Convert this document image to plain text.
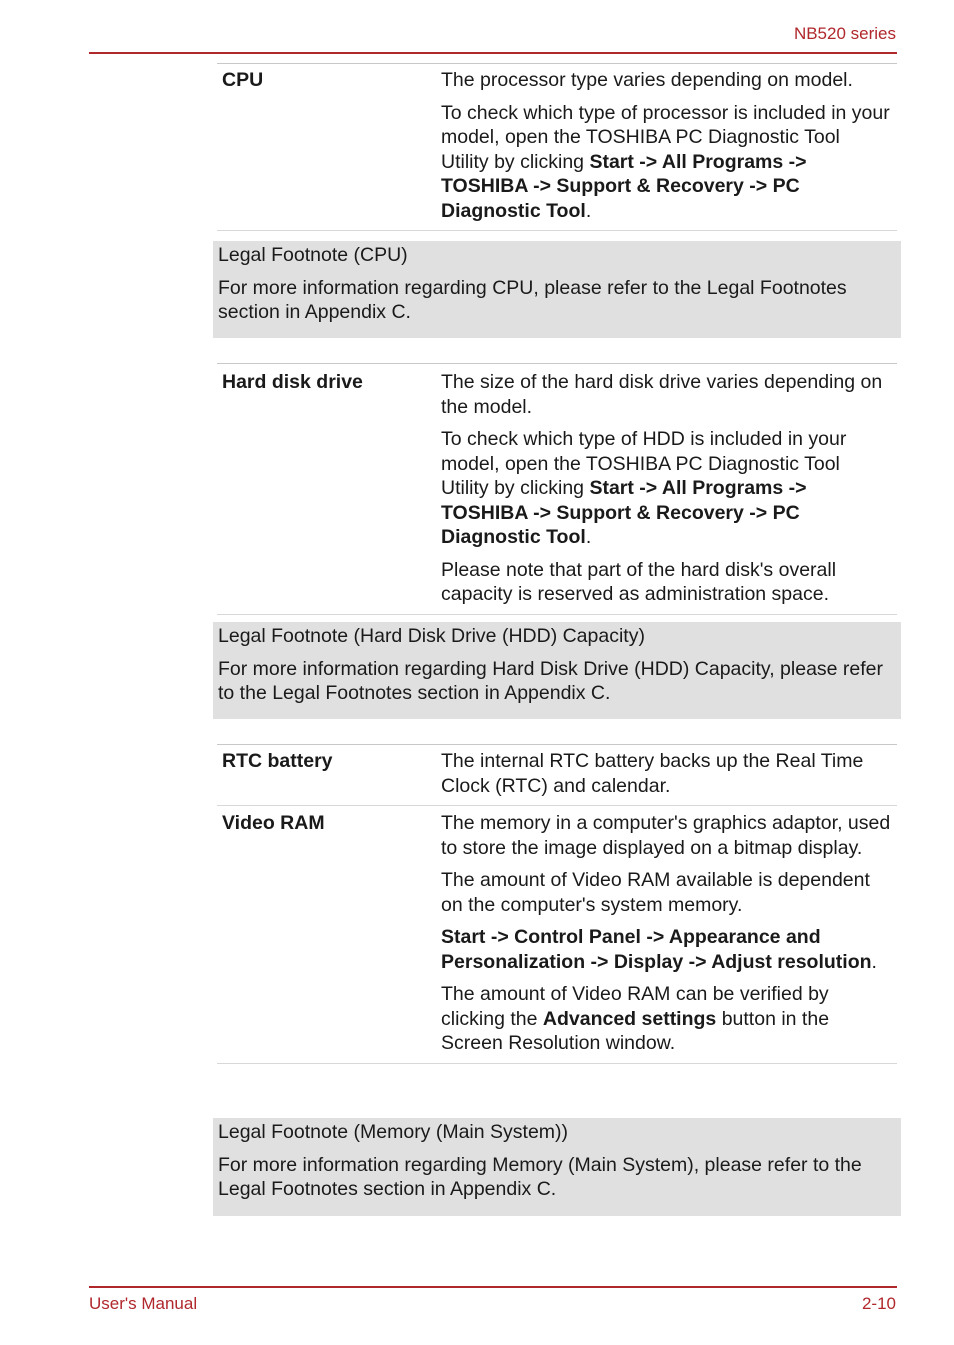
NB520 series
CPU	The processor type varies depending on model.

To check which type of processor is included in your model, open the TOSHIBA PC Diagnostic Tool Utility by clicking Start -> All Programs -> TOSHIBA -> Support & Recovery -> PC Diagnostic Tool.

Legal Footnote (CPU)

For more information regarding CPU, please refer to the Legal Footnotes section in Appendix C.

Hard disk drive	The size of the hard disk drive varies depending on the model.

To check which type of HDD is included in your model, open the TOSHIBA PC Diagnostic Tool Utility by clicking Start -> All Programs -> TOSHIBA -> Support & Recovery -> PC Diagnostic Tool.

Please note that part of the hard disk's overall capacity is reserved as administration space.

Legal Footnote (Hard Disk Drive (HDD) Capacity)

For more information regarding Hard Disk Drive (HDD) Capacity, please refer to the Legal Footnotes section in Appendix C.

RTC battery	The internal RTC battery backs up the Real Time Clock (RTC) and calendar.

Video RAM	The memory in a computer's graphics adaptor, used to store the image displayed on a bitmap display.

The amount of Video RAM available is dependent on the computer's system memory.

Start -> Control Panel -> Appearance and Personalization -> Display -> Adjust resolution.

The amount of Video RAM can be verified by clicking the Advanced settings button in the Screen Resolution window.

Legal Footnote (Memory (Main System))

For more information regarding Memory (Main System), please refer to the Legal Footnotes section in Appendix C.

User's Manual	2-10
